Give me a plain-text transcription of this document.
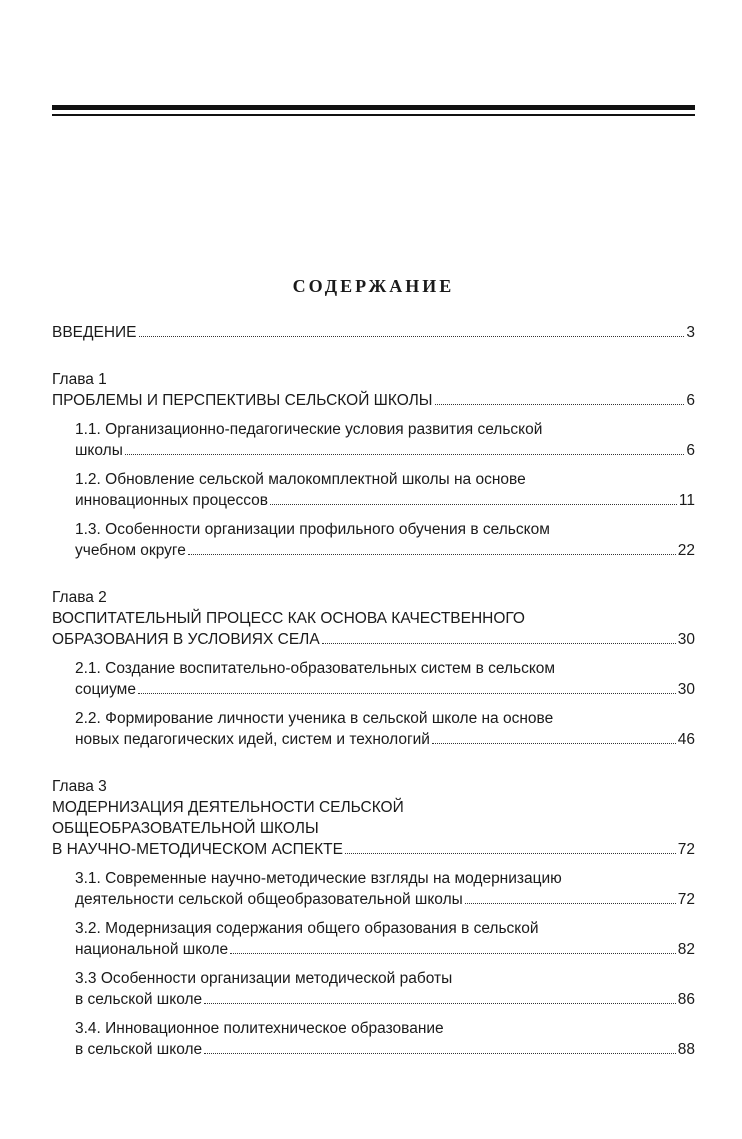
СОДЕРЖАНИЕ
ВВЕДЕНИЕ	3
Глава 1
ПРОБЛЕМЫ И ПЕРСПЕКТИВЫ СЕЛЬСКОЙ ШКОЛЫ	6
1.1. Организационно-педагогические условия развития сельской
школы	6
1.2. Обновление сельской малокомплектной школы на основе
инновационных процессов	11
1.3. Особенности организации профильного обучения в сельском
учебном округе	22
Глава 2
ВОСПИТАТЕЛЬНЫЙ ПРОЦЕСС КАК ОСНОВА КАЧЕСТВЕННОГО
ОБРАЗОВАНИЯ В УСЛОВИЯХ СЕЛА	30
2.1. Создание воспитательно-образовательных систем в сельском
социуме	30
2.2. Формирование личности ученика в сельской школе на основе
новых педагогических идей, систем и технологий	46
Глава 3
МОДЕРНИЗАЦИЯ ДЕЯТЕЛЬНОСТИ СЕЛЬСКОЙ
ОБЩЕОБРАЗОВАТЕЛЬНОЙ ШКОЛЫ
В НАУЧНО-МЕТОДИЧЕСКОМ АСПЕКТЕ	72
3.1. Современные научно-методические взгляды на модернизацию
деятельности сельской общеобразовательной школы	72
3.2. Модернизация содержания общего образования в сельской
национальной школе	82
3.3 Особенности организации методической работы
в сельской школе	86
3.4. Инновационное политехническое образование
в сельской школе	88
